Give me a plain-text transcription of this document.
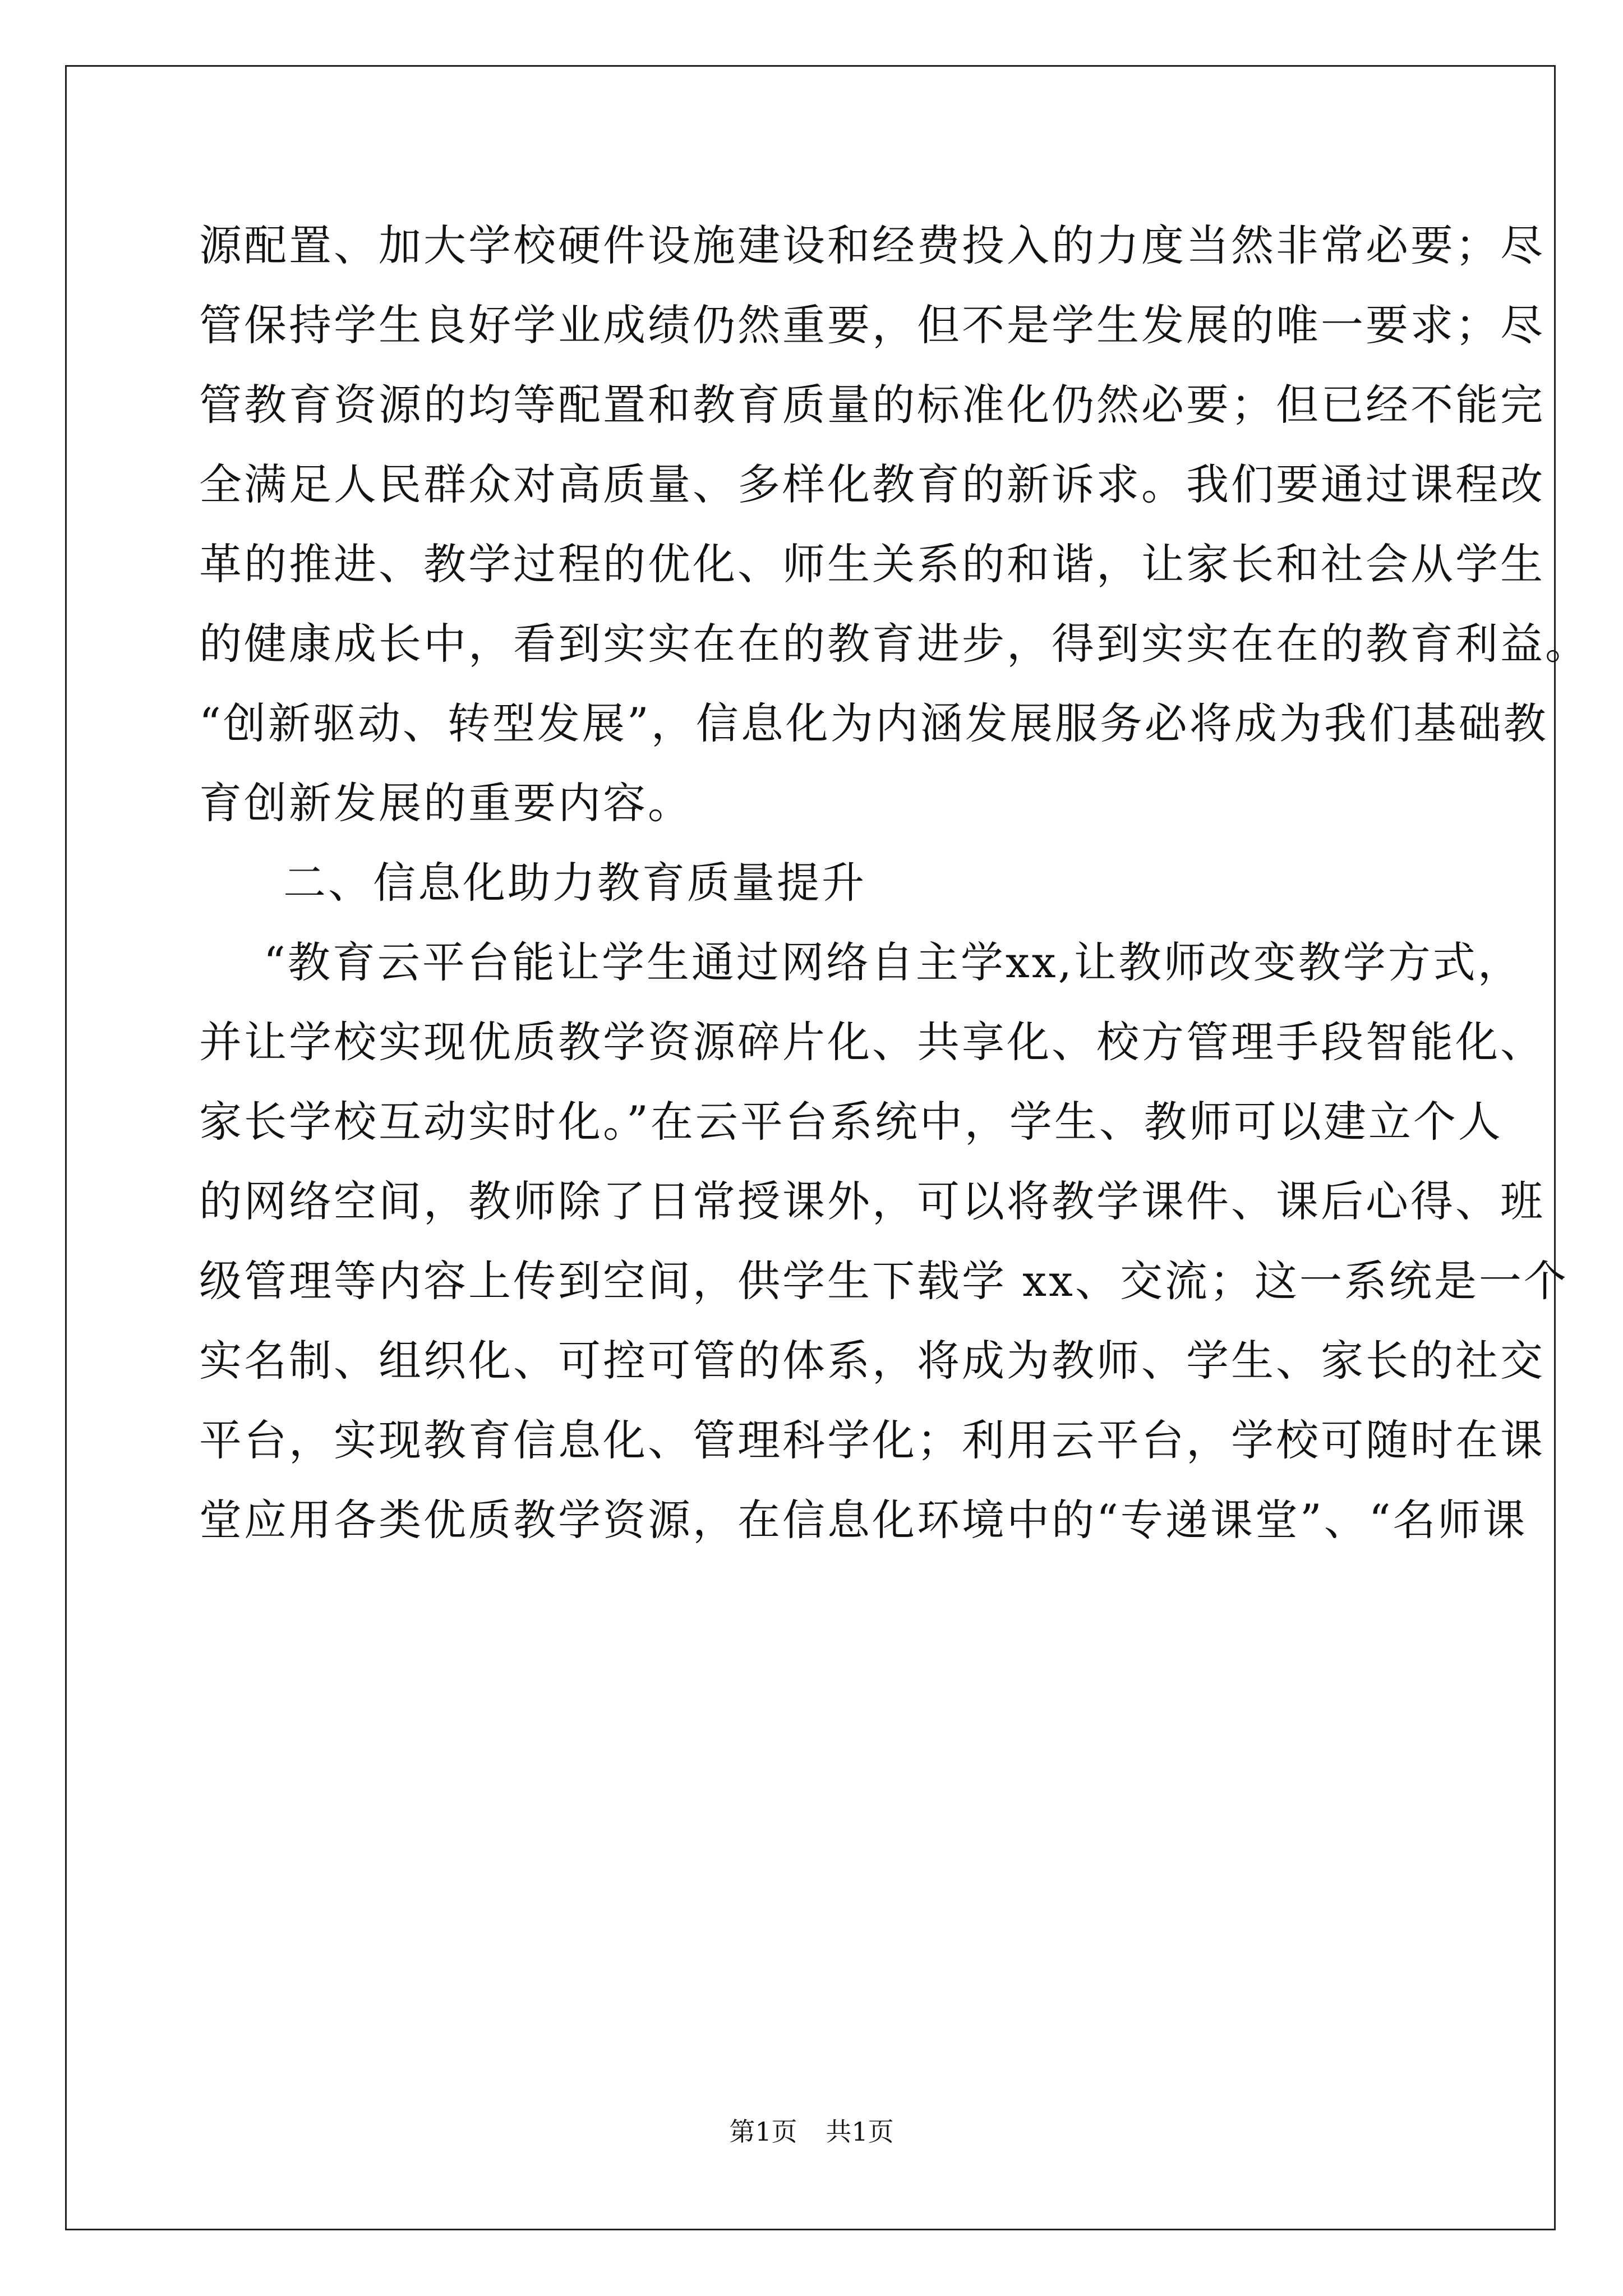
源配置、加大学校硬件设施建设和经费投入的力度当然非常必要；尽
管保持学生良好学业成绩仍然重要，但不是学生发展的唯一要求；尽
管教育资源的均等配置和教育质量的标准化仍然必要；但已经不能完
全满足人民群众对高质量、多样化教育的新诉求。我们要通过课程改
革的推进、教学过程的优化、师生关系的和谐，让家长和社会从学生
的健康成长中，看到实实在在的教育进步，得到实实在在的教育利益。
“创新驱动、转型发展”，信息化为内涵发展服务必将成为我们基础教
育创新发展的重要内容。
二、信息化助力教育质量提升
“教育云平台能让学生通过网络自主学xx,让教师改变教学方式，
并让学校实现优质教学资源碎片化、共享化、校方管理手段智能化、
家长学校互动实时化。”在云平台系统中，学生、教师可以建立个人
的网络空间，教师除了日常授课外，可以将教学课件、课后心得、班
级管理等内容上传到空间，供学生下载学 xx、交流；这一系统是一个
实名制、组织化、可控可管的体系，将成为教师、学生、家长的社交
平台，实现教育信息化、管理科学化；利用云平台，学校可随时在课
堂应用各类优质教学资源，在信息化环境中的“专递课堂”、“名师课
第1页 共1页
